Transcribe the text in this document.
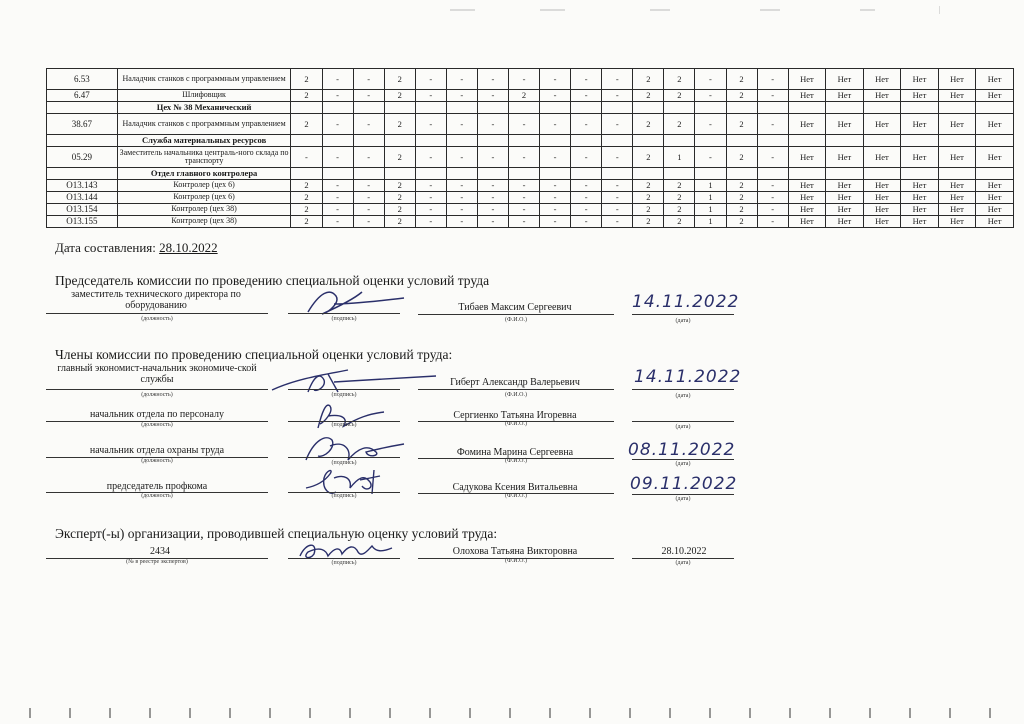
6.53	Наладчик станков с программным управлением	2	-	-	2	-	-	-	-	-	-	-	2	2	-	2	-	Нет	Нет	Нет	Нет	Нет	Нет
6.47	Шлифовщик	2	-	-	2	-	-	-	2	-	-	-	2	2	-	2	-	Нет	Нет	Нет	Нет	Нет	Нет
	Цех № 38 Механический																						
38.67	Наладчик станков с программным управлением	2	-	-	2	-	-	-	-	-	-	-	2	2	-	2	-	Нет	Нет	Нет	Нет	Нет	Нет
	Служба материальных ресурсов																						
05.29	Заместитель начальника централь-ного склада по транспорту	-	-	-	2	-	-	-	-	-	-	-	2	1	-	2	-	Нет	Нет	Нет	Нет	Нет	Нет
	Отдел главного контролера																						
О13.143	Контролер (цех 6)	2	-	-	2	-	-	-	-	-	-	-	2	2	1	2	-	Нет	Нет	Нет	Нет	Нет	Нет
О13.144	Контролер (цех 6)	2	-	-	2	-	-	-	-	-	-	-	2	2	1	2	-	Нет	Нет	Нет	Нет	Нет	Нет
О13.154	Контролер (цех 38)	2	-	-	2	-	-	-	-	-	-	-	2	2	1	2	-	Нет	Нет	Нет	Нет	Нет	Нет
О13.155	Контролер (цех 38)	2	-	-	2	-	-	-	-	-	-	-	2	2	1	2	-	Нет	Нет	Нет	Нет	Нет	Нет
Дата составления: 28.10.2022
Председатель комиссии по проведению специальной оценки условий труда
заместитель технического директора по оборудованию
(должность)	(подпись)
Тибаев Максим Сергеевич
(Ф.И.О.)
14.11.2022
(дата)
Члены комиссии по проведению специальной оценки условий труда:
главный экономист-начальник экономиче-ской службы
(должность)	(подпись)
Гиберт Александр Валерьевич
(Ф.И.О.)
14.11.2022
(дата)
начальник отдела по персоналу
(должность)	(подпись)
Сергиенко Татьяна Игоревна
(Ф.И.О.)	(дата)
начальник отдела охраны труда
(должность)	(подпись)
Фомина Марина Сергеевна
(Ф.И.О.)
08.11.2022
(дата)
председатель профкома
(должность)	(подпись)
Садукова Ксения Витальевна
(Ф.И.О.)
09.11.2022
(дата)
Эксперт(-ы) организации, проводившей специальную оценку условий труда:
2434
(№ в реестре экспертов)	(подпись)
Олохова Татьяна Викторовна
(Ф.И.О.)
28.10.2022
(дата)
